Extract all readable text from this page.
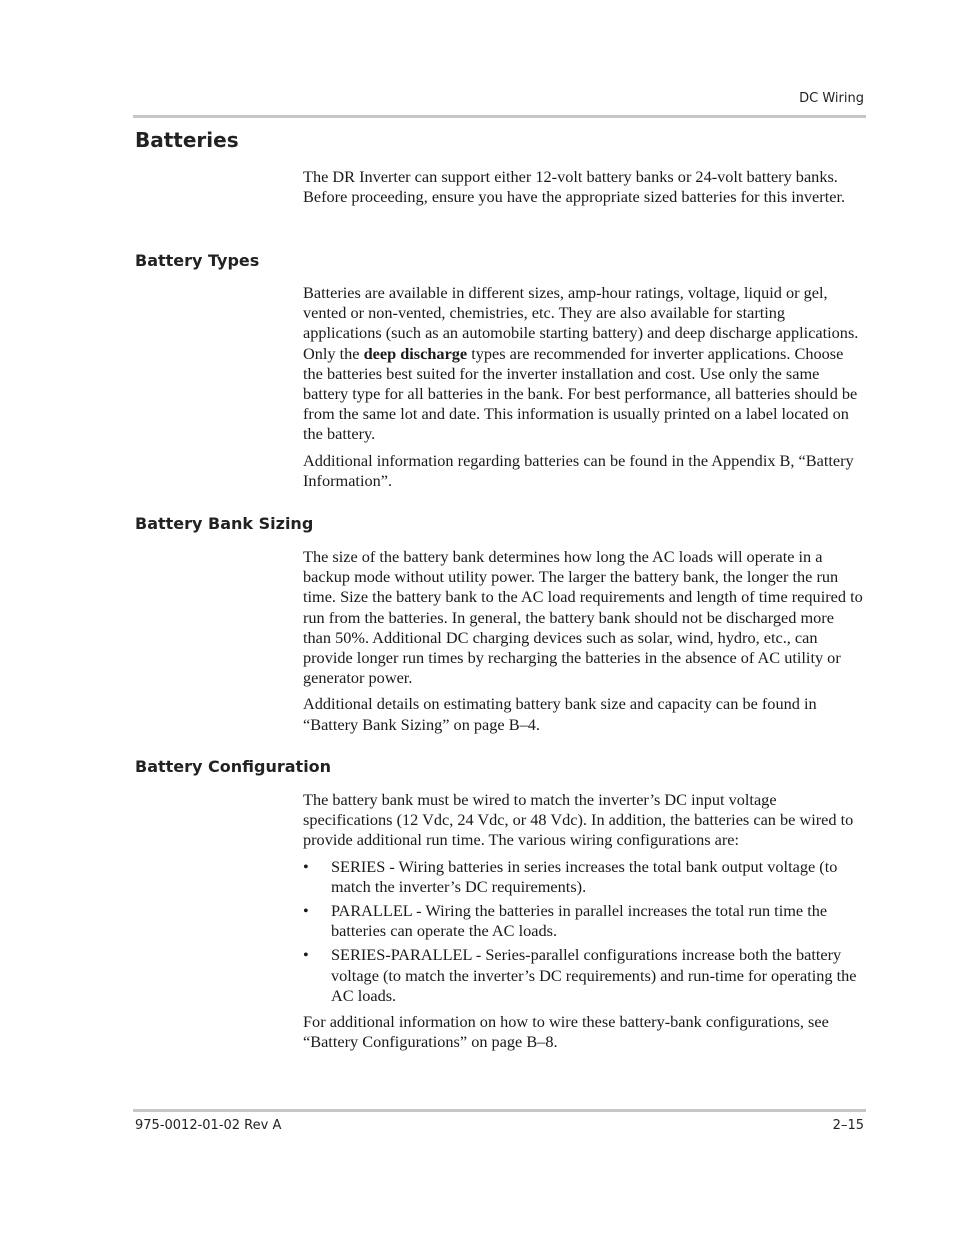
DC Wiring
Batteries

The DR Inverter can support either 12-volt battery banks or 24-volt battery banks. Before proceeding, ensure you have the appropriate sized batteries for this inverter.

Battery Types

Batteries are available in different sizes, amp-hour ratings, voltage, liquid or gel, vented or non-vented, chemistries, etc. They are also available for starting applications (such as an automobile starting battery) and deep discharge applications. Only the deep discharge types are recommended for inverter applications. Choose the batteries best suited for the inverter installation and cost. Use only the same battery type for all batteries in the bank. For best performance, all batteries should be from the same lot and date. This information is usually printed on a label located on the battery.

Additional information regarding batteries can be found in the Appendix B, “Battery Information”.

Battery Bank Sizing

The size of the battery bank determines how long the AC loads will operate in a backup mode without utility power. The larger the battery bank, the longer the run time. Size the battery bank to the AC load requirements and length of time required to run from the batteries. In general, the battery bank should not be discharged more than 50%. Additional DC charging devices such as solar, wind, hydro, etc., can provide longer run times by recharging the batteries in the absence of AC utility or generator power.

Additional details on estimating battery bank size and capacity can be found in “Battery Bank Sizing” on page B–4.

Battery Configuration

The battery bank must be wired to match the inverter’s DC input voltage specifications (12 Vdc, 24 Vdc, or 48 Vdc). In addition, the batteries can be wired to provide additional run time. The various wiring configurations are:

• SERIES - Wiring batteries in series increases the total bank output voltage (to match the inverter’s DC requirements).
• PARALLEL - Wiring the batteries in parallel increases the total run time the batteries can operate the AC loads.
• SERIES-PARALLEL - Series-parallel configurations increase both the battery voltage (to match the inverter’s DC requirements) and run-time for operating the AC loads.

For additional information on how to wire these battery-bank configurations, see “Battery Configurations” on page B–8.

975-0012-01-02 Rev A	2–15
